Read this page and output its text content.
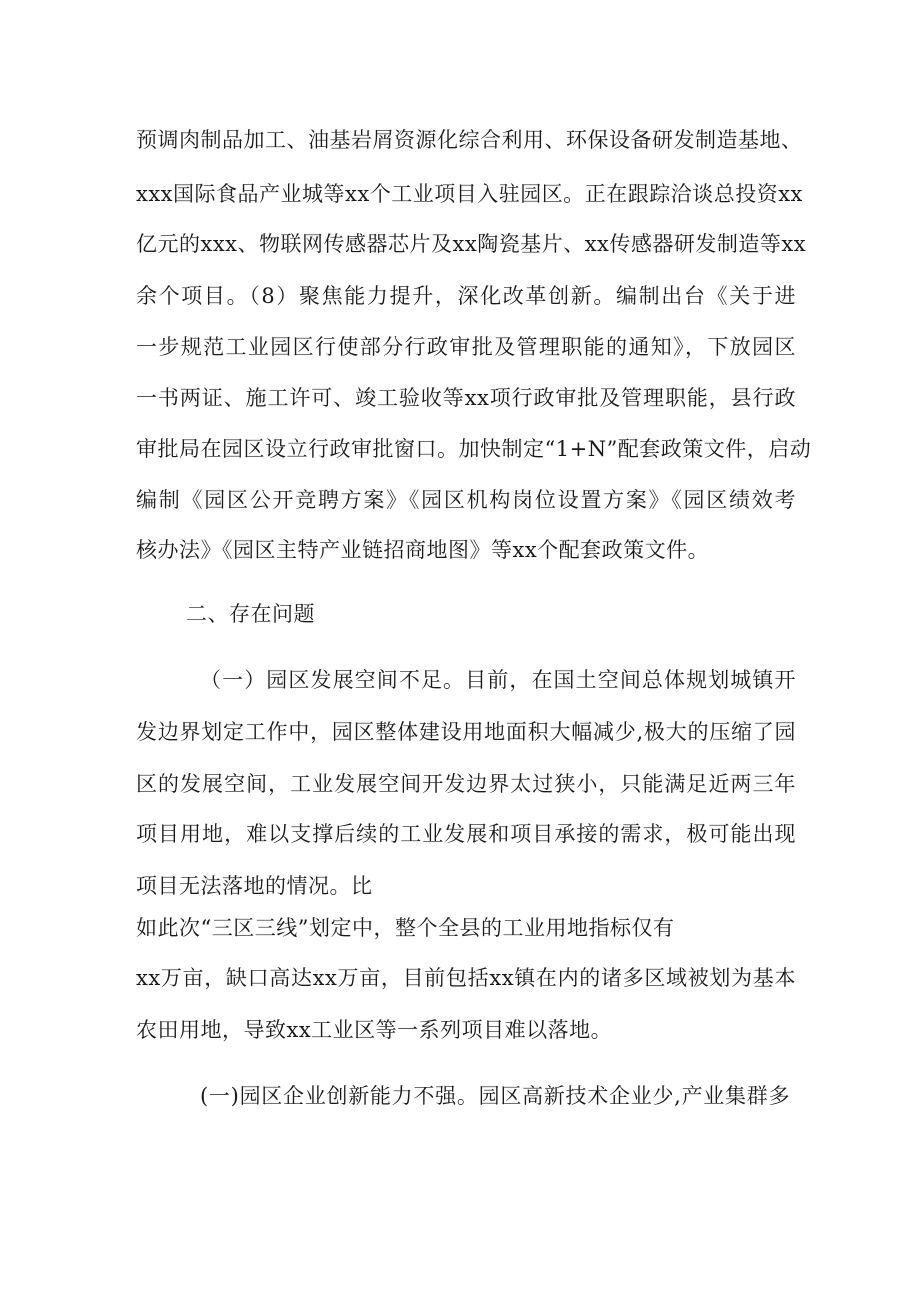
预调肉制品加工、油基岩屑资源化综合利用、环保设备研发制造基地、
xxx国际食品产业城等xx个工业项目入驻园区。正在跟踪洽谈总投资xx
亿元的xxx、物联网传感器芯片及xx陶瓷基片、xx传感器研发制造等xx
余个项目。（8）聚焦能力提升，深化改革创新。编制出台《关于进
一步规范工业园区行使部分行政审批及管理职能的通知》，下放园区
一书两证、施工许可、竣工验收等xx项行政审批及管理职能，县行政
审批局在园区设立行政审批窗口。加快制定“1+N”配套政策文件，启动
编制《园区公开竞聘方案》《园区机构岗位设置方案》《园区绩效考
核办法》《园区主特产业链招商地图》等xx个配套政策文件。
二、存在问题
（一）园区发展空间不足。目前，在国土空间总体规划城镇开
发边界划定工作中，园区整体建设用地面积大幅减少,极大的压缩了园
区的发展空间，工业发展空间开发边界太过狭小，只能满足近两三年
项目用地，难以支撑后续的工业发展和项目承接的需求，极可能出现
项目无法落地的情况。比
如此次“三区三线”划定中，整个全县的工业用地指标仅有
xx万亩，缺口高达xx万亩，目前包括xx镇在内的诸多区域被划为基本
农田用地，导致xx工业区等一系列项目难以落地。
(一)园区企业创新能力不强。园区高新技术企业少,产业集群多
